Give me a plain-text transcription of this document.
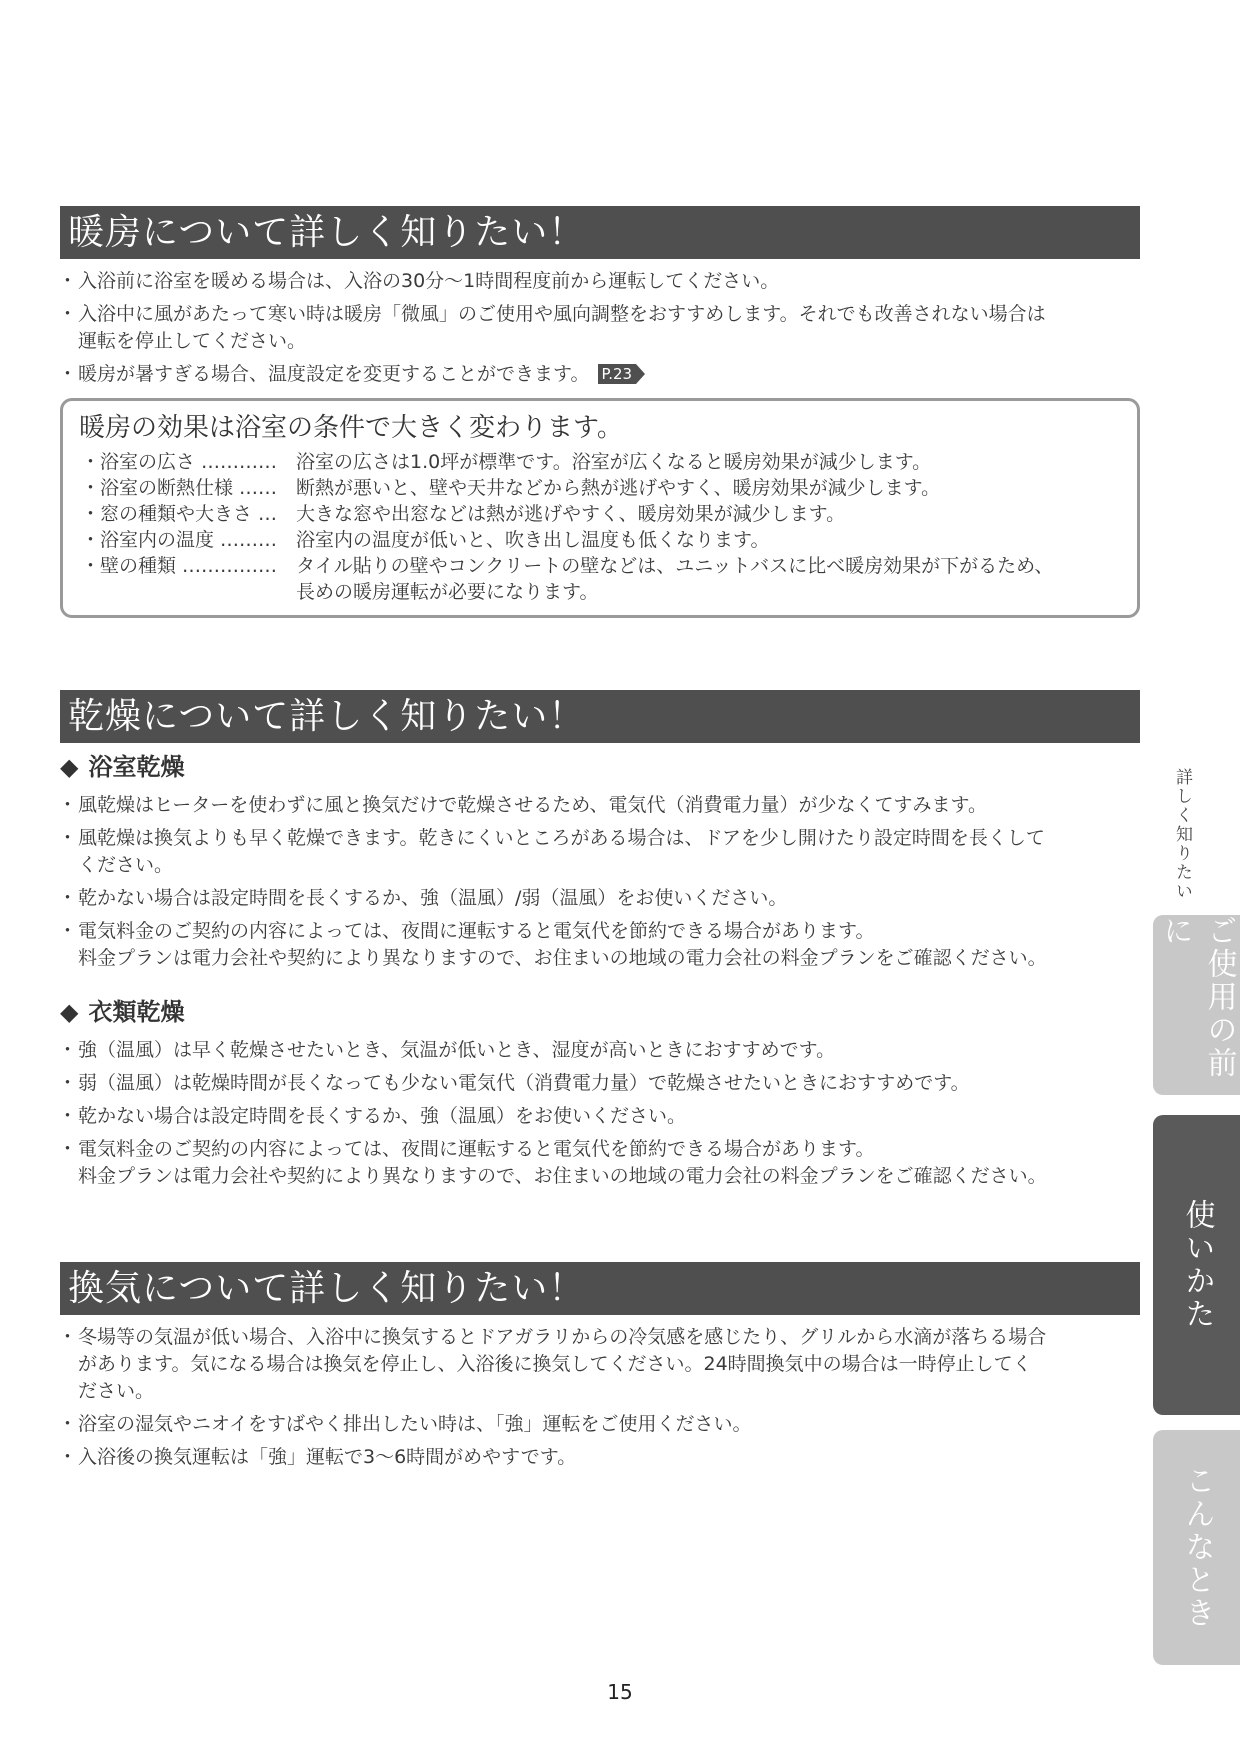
暖房について詳しく知りたい！
・ 入浴前に浴室を暖める場合は、入浴の30分〜1時間程度前から運転してください。
・ 入浴中に風があたって寒い時は暖房「微風」のご使用や風向調整をおすすめします。それでも改善されない場合は
運転を停止してください。
・ 暖房が暑すぎる場合、温度設定を変更することができます。 P.23
暖房の効果は浴室の条件で大きく変わります。
・浴室の広さ ………… 浴室の広さは1.0坪が標準です。浴室が広くなると暖房効果が減少します。
・浴室の断熱仕様 …… 断熱が悪いと、壁や天井などから熱が逃げやすく、暖房効果が減少します。
・窓の種類や大きさ … 大きな窓や出窓などは熱が逃げやすく、暖房効果が減少します。
・浴室内の温度 ……… 浴室内の温度が低いと、吹き出し温度も低くなります。
・壁の種類 …………… タイル貼りの壁やコンクリートの壁などは、ユニットバスに比べ暖房効果が下がるため、
長めの暖房運転が必要になります。
乾燥について詳しく知りたい！
◆ 浴室乾燥
・ 風乾燥はヒーターを使わずに風と換気だけで乾燥させるため、電気代（消費電力量）が少なくてすみます。
・ 風乾燥は換気よりも早く乾燥できます。乾きにくいところがある場合は、ドアを少し開けたり設定時間を長くして
ください。
・ 乾かない場合は設定時間を長くするか、強（温風）/弱（温風）をお使いください。
・ 電気料金のご契約の内容によっては、夜間に運転すると電気代を節約できる場合があります。
料金プランは電力会社や契約により異なりますので、お住まいの地域の電力会社の料金プランをご確認ください。
◆ 衣類乾燥
・ 強（温風）は早く乾燥させたいとき、気温が低いとき、湿度が高いときにおすすめです。
・ 弱（温風）は乾燥時間が長くなっても少ない電気代（消費電力量）で乾燥させたいときにおすすめです。
・ 乾かない場合は設定時間を長くするか、強（温風）をお使いください。
・ 電気料金のご契約の内容によっては、夜間に運転すると電気代を節約できる場合があります。
料金プランは電力会社や契約により異なりますので、お住まいの地域の電力会社の料金プランをご確認ください。
換気について詳しく知りたい！
・ 冬場等の気温が低い場合、入浴中に換気するとドアガラリからの冷気感を感じたり、グリルから水滴が落ちる場合
があります。気になる場合は換気を停止し、入浴後に換気してください。24時間換気中の場合は一時停止してく
ださい。
・ 浴室の湿気やニオイをすばやく排出したい時は、「強」運転をご使用ください。
・ 入浴後の換気運転は「強」運転で3〜6時間がめやすです。
詳しく知りたい
ご使用の前に
使いかた
こんなとき
15
